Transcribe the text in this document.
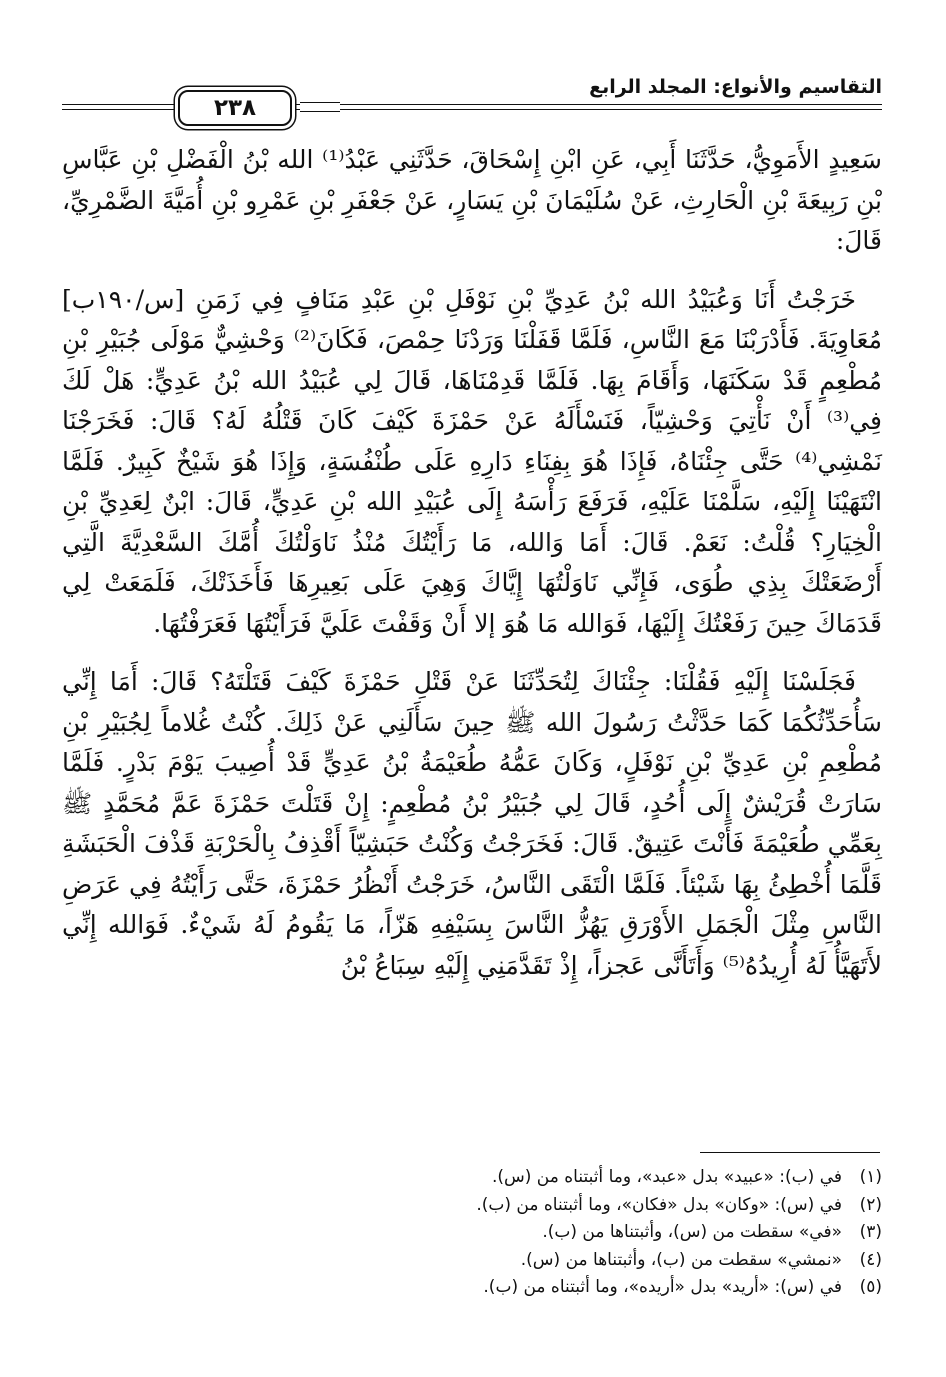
التقاسيم والأنواع: المجلد الرابع
٢٣٨

سَعِيدٍ الأَمَوِيُّ، حَدَّثَنَا أَبِي، عَنِ ابْنِ إِسْحَاقَ، حَدَّثَنِي عَبْدُ⁽¹⁾ الله بْنُ الْفَضْلِ بْنِ عَبَّاسِ بْنِ رَبِيعَةَ بْنِ الْحَارِثِ، عَنْ سُلَيْمَانَ بْنِ يَسَارٍ، عَنْ جَعْفَرِ بْنِ عَمْرِو بْنِ أُمَيَّةَ الضَّمْرِيِّ، قَالَ:

خَرَجْتُ أَنَا وَعُبَيْدُ الله بْنُ عَدِيِّ بْنِ نَوْفَلِ بْنِ عَبْدِ مَنَافٍ فِي زَمَنِ [س/١٩٠ب] مُعَاوِيَةَ. فَأَدْرَبْنَا مَعَ النَّاسِ، فَلَمَّا قَفَلْنَا وَرَدْنَا حِمْصَ، فَكَانَ⁽²⁾ وَحْشِيٌّ مَوْلَى جُبَيْرِ بْنِ مُطْعِمٍ قَدْ سَكَنَهَا، وَأَقَامَ بِهَا. فَلَمَّا قَدِمْنَاهَا، قَالَ لِي عُبَيْدُ الله بْنُ عَدِيٍّ: هَلْ لَكَ فِي⁽³⁾ أَنْ نَأْتِيَ وَحْشِيّاً، فَنَسْأَلَهُ عَنْ حَمْزَةَ كَيْفَ كَانَ قَتْلُهُ لَهُ؟ قَالَ: فَخَرَجْنَا نَمْشِي⁽⁴⁾ حَتَّى جِئْنَاهُ، فَإِذَا هُوَ بِفِنَاءِ دَارِهِ عَلَى طُنْفُسَةٍ، وَإِذَا هُوَ شَيْخٌ كَبِيرٌ. فَلَمَّا انْتَهَيْنَا إِلَيْهِ، سَلَّمْنَا عَلَيْهِ، فَرَفَعَ رَأْسَهُ إِلَى عُبَيْدِ الله بْنِ عَدِيٍّ، قَالَ: ابْنٌ لِعَدِيِّ بْنِ الْخِيَارِ؟ قُلْتُ: نَعَمْ. قَالَ: أَمَا وَالله، مَا رَأَيْتُكَ مُنْذُ نَاوَلْتُكَ أُمَّكَ السَّعْدِيَّةَ الَّتِي أَرْضَعَتْكَ بِذِي طُوَى، فَإِنِّي نَاوَلْتُهَا إِيَّاكَ وَهِيَ عَلَى بَعِيرِهَا فَأَخَذَتْكَ، فَلَمَعَتْ لِي قَدَمَاكَ حِينَ رَفَعْتُكَ إِلَيْهَا، فَوَالله مَا هُوَ إلا أَنْ وَقَفْتَ عَلَيَّ فَرَأَيْتُهَا فَعَرَفْتُهَا.

فَجَلَسْنَا إِلَيْهِ فَقُلْنَا: جِئْنَاكَ لِتُحَدِّثَنَا عَنْ قَتْلِ حَمْزَةَ كَيْفَ قَتَلْتَهُ؟ قَالَ: أَمَا إِنِّي سَأُحَدِّثُكُمَا كَمَا حَدَّثْتُ رَسُولَ الله ﷺ حِينَ سَأَلَنِي عَنْ ذَلِكَ. كُنْتُ غُلاماً لِجُبَيْرِ بْنِ مُطْعِمِ بْنِ عَدِيِّ بْنِ نَوْفَلٍ، وَكَانَ عَمُّهُ طُعَيْمَةُ بْنُ عَدِيٍّ قَدْ أُصِيبَ يَوْمَ بَدْرٍ. فَلَمَّا سَارَتْ قُرَيْشٌ إِلَى أُحُدٍ، قَالَ لِي جُبَيْرُ بْنُ مُطْعِمٍ: إِنْ قَتَلْتَ حَمْزَةَ عَمَّ مُحَمَّدٍ ﷺ بِعَمِّي طُعَيْمَةَ فَأَنْتَ عَتِيقٌ. قَالَ: فَخَرَجْتُ وَكُنْتُ حَبَشِيّاً أَقْذِفُ بِالْحَرْبَةِ قَذْفَ الْحَبَشَةِ قَلَّمَا أُخْطِئُ بِهَا شَيْئاً. فَلَمَّا الْتَقَى النَّاسُ، خَرَجْتُ أَنْظُرُ حَمْزَةَ، حَتَّى رَأَيْتُهُ فِي عَرَضِ النَّاسِ مِثْلَ الْجَمَلِ الأَوْرَقِ يَهُزُّ النَّاسَ بِسَيْفِهِ هَزّاً، مَا يَقُومُ لَهُ شَيْءٌ. فَوَالله إِنِّي لأَتَهَيَّأُ لَهُ أُرِيدُهُ⁽⁵⁾ وَأَتَأَنَّى عَجزاً، إِذْ تَقَدَّمَنِي إِلَيْهِ سِبَاعُ بْنُ

(١)
في (ب): «عبيد» بدل «عبد»، وما أثبتناه من (س).

(٢)
في (س): «وكان» بدل «فكان»، وما أثبتناه من (ب).

(٣)
«في» سقطت من (س)، وأثبتناها من (ب).

(٤)
«نمشي» سقطت من (ب)، وأثبتناها من (س).

(٥)
في (س): «أريد» بدل «أريده»، وما أثبتناه من (ب).
